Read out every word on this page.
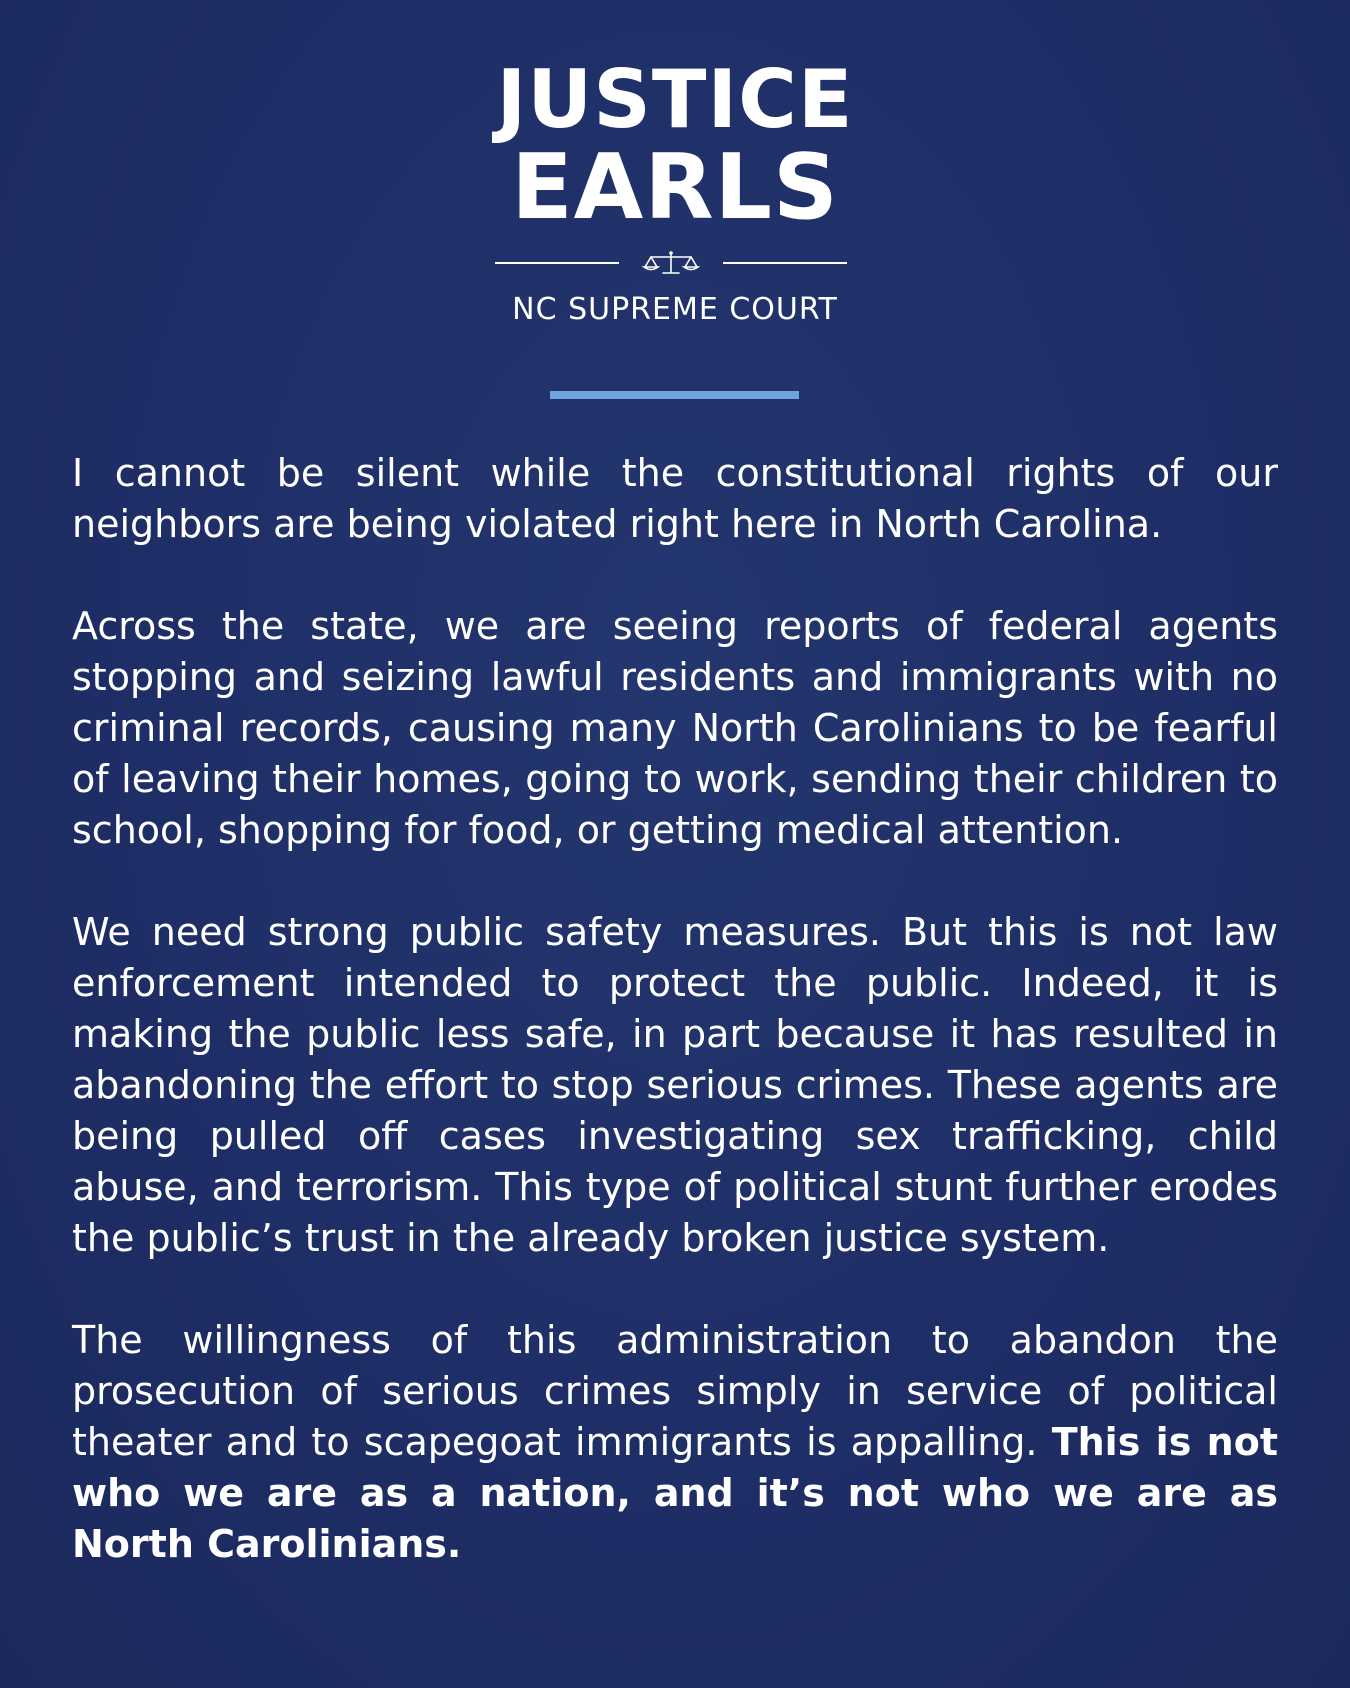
JUSTICE
EARLS
NC SUPREME COURT

I cannot be silent while the constitutional rights of our neighbors are being violated right here in North Carolina.

Across the state, we are seeing reports of federal agents stopping and seizing lawful residents and immigrants with no criminal records, causing many North Carolinians to be fearful of leaving their homes, going to work, sending their children to school, shopping for food, or getting medical attention.

We need strong public safety measures. But this is not law enforcement intended to protect the public. Indeed, it is making the public less safe, in part because it has resulted in abandoning the effort to stop serious crimes. These agents are being pulled off cases investigating sex trafficking, child abuse, and terrorism. This type of political stunt further erodes the public’s trust in the already broken justice system.

The willingness of this administration to abandon the prosecution of serious crimes simply in service of political theater and to scapegoat immigrants is appalling. This is not who we are as a nation, and it’s not who we are as North Carolinians.
